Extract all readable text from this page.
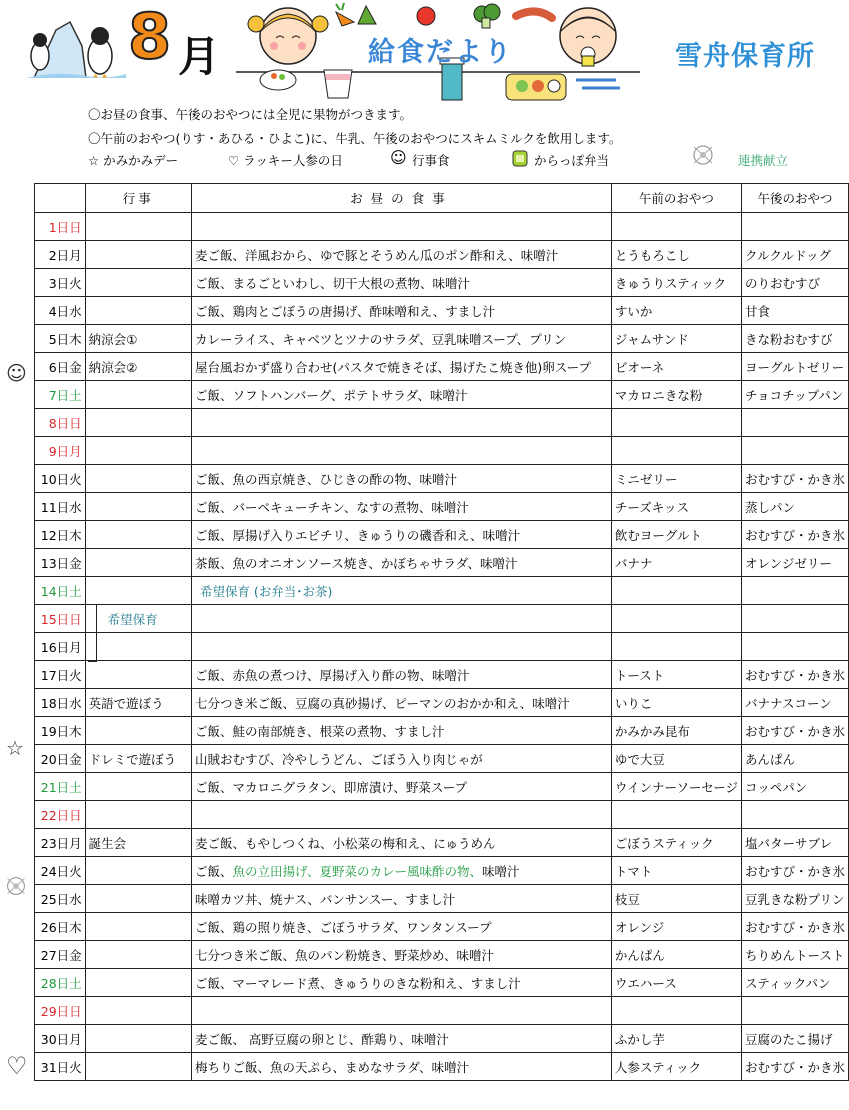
8 月	給食だより	雪舟保育所
〇お昼の食事、午後のおやつには全児に果物がつきます。
〇午前のおやつ(りす・あひる・ひよこ)に、牛乳、午後のおやつにスキムミルクを飲用します。
☆ かみかみデー	♡ ラッキー人参の日	☺ 行事食	からっぽ弁当	連携献立
☺
☆
♡
	行事	お昼の食事	午前のおやつ	午後のおやつ
1日日				
2日月		麦ご飯、洋風おから、ゆで豚とそうめん瓜のポン酢和え、味噌汁	とうもろこし	クルクルドッグ
3日火		ご飯、まるごといわし、切干大根の煮物、味噌汁	きゅうりスティック	のりおむすび
4日水		ご飯、鶏肉とごぼうの唐揚げ、酢味噌和え、すまし汁	すいか	甘食
5日木	納涼会①	カレーライス、キャベツとツナのサラダ、豆乳味噌スープ、プリン	ジャムサンド	きな粉おむすび
6日金	納涼会②	屋台風おかず盛り合わせ(パスタで焼きそば、揚げたこ焼き他)卵スープ	ビオーネ	ヨーグルトゼリー
7日土		ご飯、ソフトハンバーグ、ポテトサラダ、味噌汁	マカロニきな粉	チョコチップパン
8日日				
9日月				
10日火		ご飯、魚の西京焼き、ひじきの酢の物、味噌汁	ミニゼリー	おむすび・かき氷
11日水		ご飯、バーベキューチキン、なすの煮物、味噌汁	チーズキッス	蒸しパン
12日木		ご飯、厚揚げ入りエビチリ、きゅうりの磯香和え、味噌汁	飲むヨーグルト	おむすび・かき氷
13日金		茶飯、魚のオニオンソース焼き、かぼちゃサラダ、味噌汁	バナナ	オレンジゼリー
14日土		希望保育 (お弁当･お茶)		
15日日	希望保育			
16日月				
17日火		ご飯、赤魚の煮つけ、厚揚げ入り酢の物、味噌汁	トースト	おむすび・かき氷
18日水	英語で遊ぼう	七分つき米ご飯、豆腐の真砂揚げ、ピーマンのおかか和え、味噌汁	いりこ	バナナスコーン
19日木		ご飯、鮭の南部焼き、根菜の煮物、すまし汁	かみかみ昆布	おむすび・かき氷
20日金	ドレミで遊ぼう	山賊おむすび、冷やしうどん、ごぼう入り肉じゃが	ゆで大豆	あんぱん
21日土		ご飯、マカロニグラタン、即席漬け、野菜スープ	ウインナーソーセージ	コッペパン
22日日				
23日月	誕生会	麦ご飯、もやしつくね、小松菜の梅和え、にゅうめん	ごぼうスティック	塩バターサブレ
24日火		ご飯、魚の立田揚げ、夏野菜のカレー風味酢の物、味噌汁	トマト	おむすび・かき氷
25日水		味噌カツ丼、焼ナス、バンサンスー、すまし汁	枝豆	豆乳きな粉プリン
26日木		ご飯、鶏の照り焼き、ごぼうサラダ、ワンタンスープ	オレンジ	おむすび・かき氷
27日金		七分つき米ご飯、魚のパン粉焼き、野菜炒め、味噌汁	かんぱん	ちりめんトースト
28日土		ご飯、マーマレード煮、きゅうりのきな粉和え、すまし汁	ウエハース	スティックパン
29日日				
30日月		麦ご飯、 高野豆腐の卵とじ、酢鶏り、味噌汁	ふかし芋	豆腐のたこ揚げ
31日火		梅ちりご飯、魚の天ぷら、まめなサラダ、味噌汁	人参スティック	おむすび・かき氷
